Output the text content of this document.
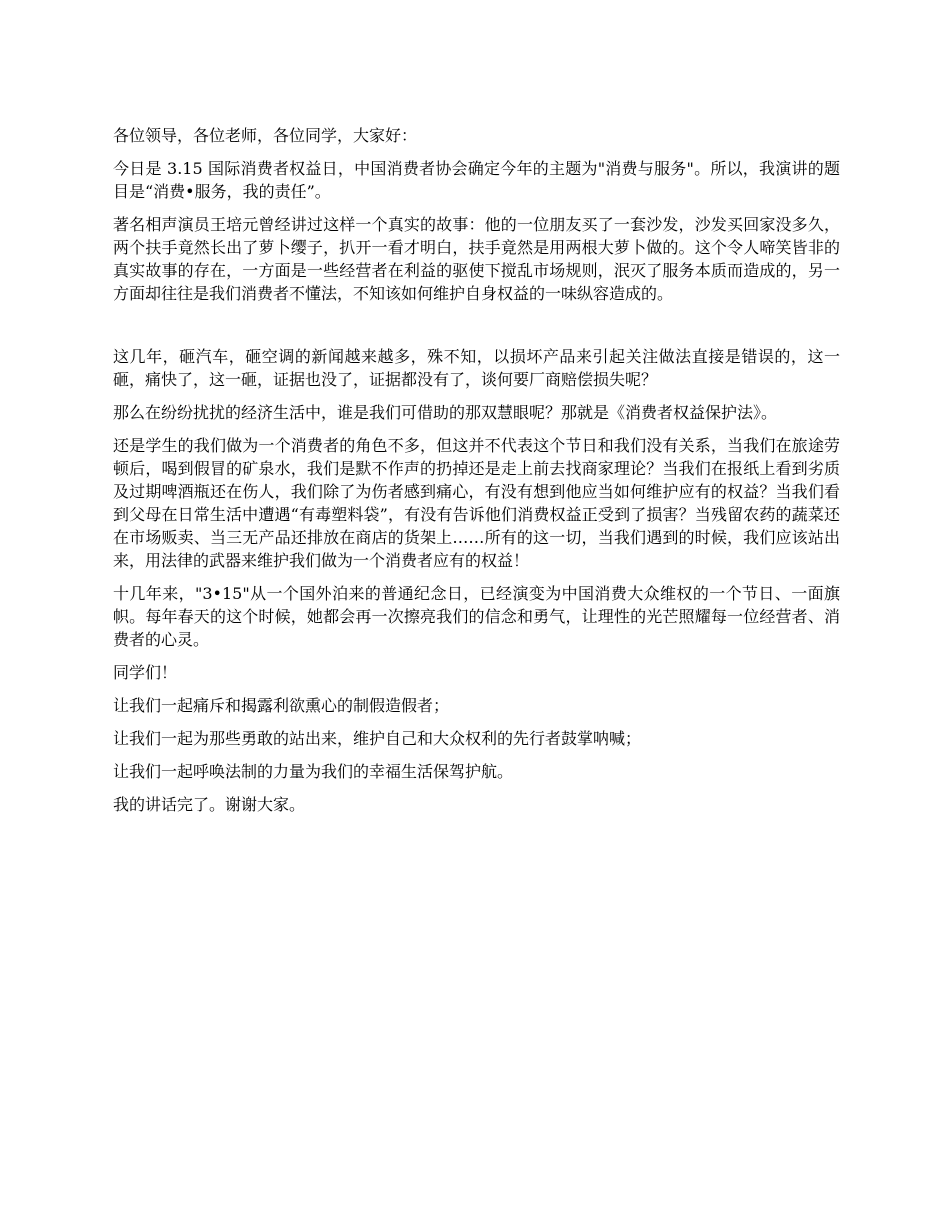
各位领导，各位老师，各位同学，大家好：

今日是 3.15 国际消费者权益日，中国消费者协会确定今年的主题为"消费与服务"。所以，我演讲的题目是“消费•服务，我的责任”。

著名相声演员王培元曾经讲过这样一个真实的故事：他的一位朋友买了一套沙发，沙发买回家没多久，两个扶手竟然长出了萝卜缨子，扒开一看才明白，扶手竟然是用两根大萝卜做的。这个令人啼笑皆非的真实故事的存在，一方面是一些经营者在利益的驱使下搅乱市场规则，泯灭了服务本质而造成的，另一方面却往往是我们消费者不懂法，不知该如何维护自身权益的一味纵容造成的。

这几年，砸汽车，砸空调的新闻越来越多，殊不知，以损坏产品来引起关注做法直接是错误的，这一砸，痛快了，这一砸，证据也没了，证据都没有了，谈何要厂商赔偿损失呢？

那么在纷纷扰扰的经济生活中，谁是我们可借助的那双慧眼呢？那就是《消费者权益保护法》。

还是学生的我们做为一个消费者的角色不多，但这并不代表这个节日和我们没有关系，当我们在旅途劳顿后，喝到假冒的矿泉水，我们是默不作声的扔掉还是走上前去找商家理论？当我们在报纸上看到劣质及过期啤酒瓶还在伤人，我们除了为伤者感到痛心，有没有想到他应当如何维护应有的权益？当我们看到父母在日常生活中遭遇“有毒塑料袋”，有没有告诉他们消费权益正受到了损害？当残留农药的蔬菜还在市场贩卖、当三无产品还排放在商店的货架上……所有的这一切，当我们遇到的时候，我们应该站出来，用法律的武器来维护我们做为一个消费者应有的权益！

十几年来，"3•15"从一个国外泊来的普通纪念日，已经演变为中国消费大众维权的一个节日、一面旗帜。每年春天的这个时候，她都会再一次擦亮我们的信念和勇气，让理性的光芒照耀每一位经营者、消费者的心灵。

同学们！

让我们一起痛斥和揭露利欲熏心的制假造假者；

让我们一起为那些勇敢的站出来，维护自己和大众权利的先行者鼓掌呐喊；

让我们一起呼唤法制的力量为我们的幸福生活保驾护航。

我的讲话完了。谢谢大家。
